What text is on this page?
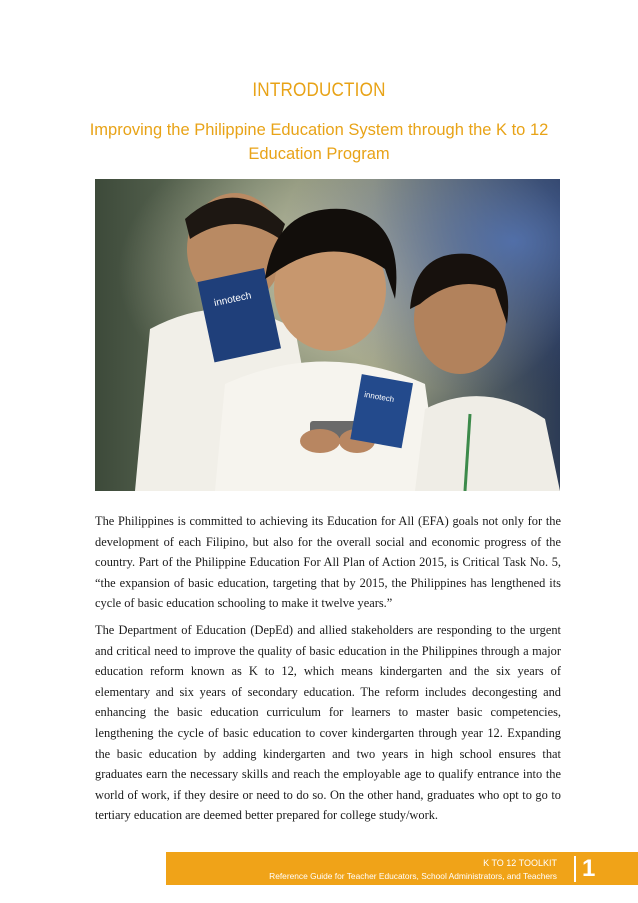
INTRODUCTION
Improving the Philippine Education System through the K to 12 Education Program
innotech
innotech

The Philippines is committed to achieving its Education for All (EFA) goals not only for the development of each Filipino, but also for the overall social and economic progress of the country. Part of the Philippine Education For All Plan of Action 2015, is Critical Task No. 5, “the expansion of basic education, targeting that by 2015, the Philippines has lengthened its cycle of basic education schooling to make it twelve years.”

The Department of Education (DepEd) and allied stakeholders are responding to the urgent and critical need to improve the quality of basic education in the Philippines through a major education reform known as K to 12, which means kindergarten and the six years of elementary and six years of secondary education. The reform includes decongesting and enhancing the basic education curriculum for learners to master basic competencies, lengthening the cycle of basic education to cover kindergarten through year 12. Expanding the basic education by adding kindergarten and two years in high school ensures that graduates earn the necessary skills and reach the employable age to qualify entrance into the world of work, if they desire or need to do so. On the other hand, graduates who opt to go to tertiary education are deemed better prepared for college study/work.

K TO 12 TOOLKIT
Reference Guide for Teacher Educators, School Administrators, and Teachers 1
